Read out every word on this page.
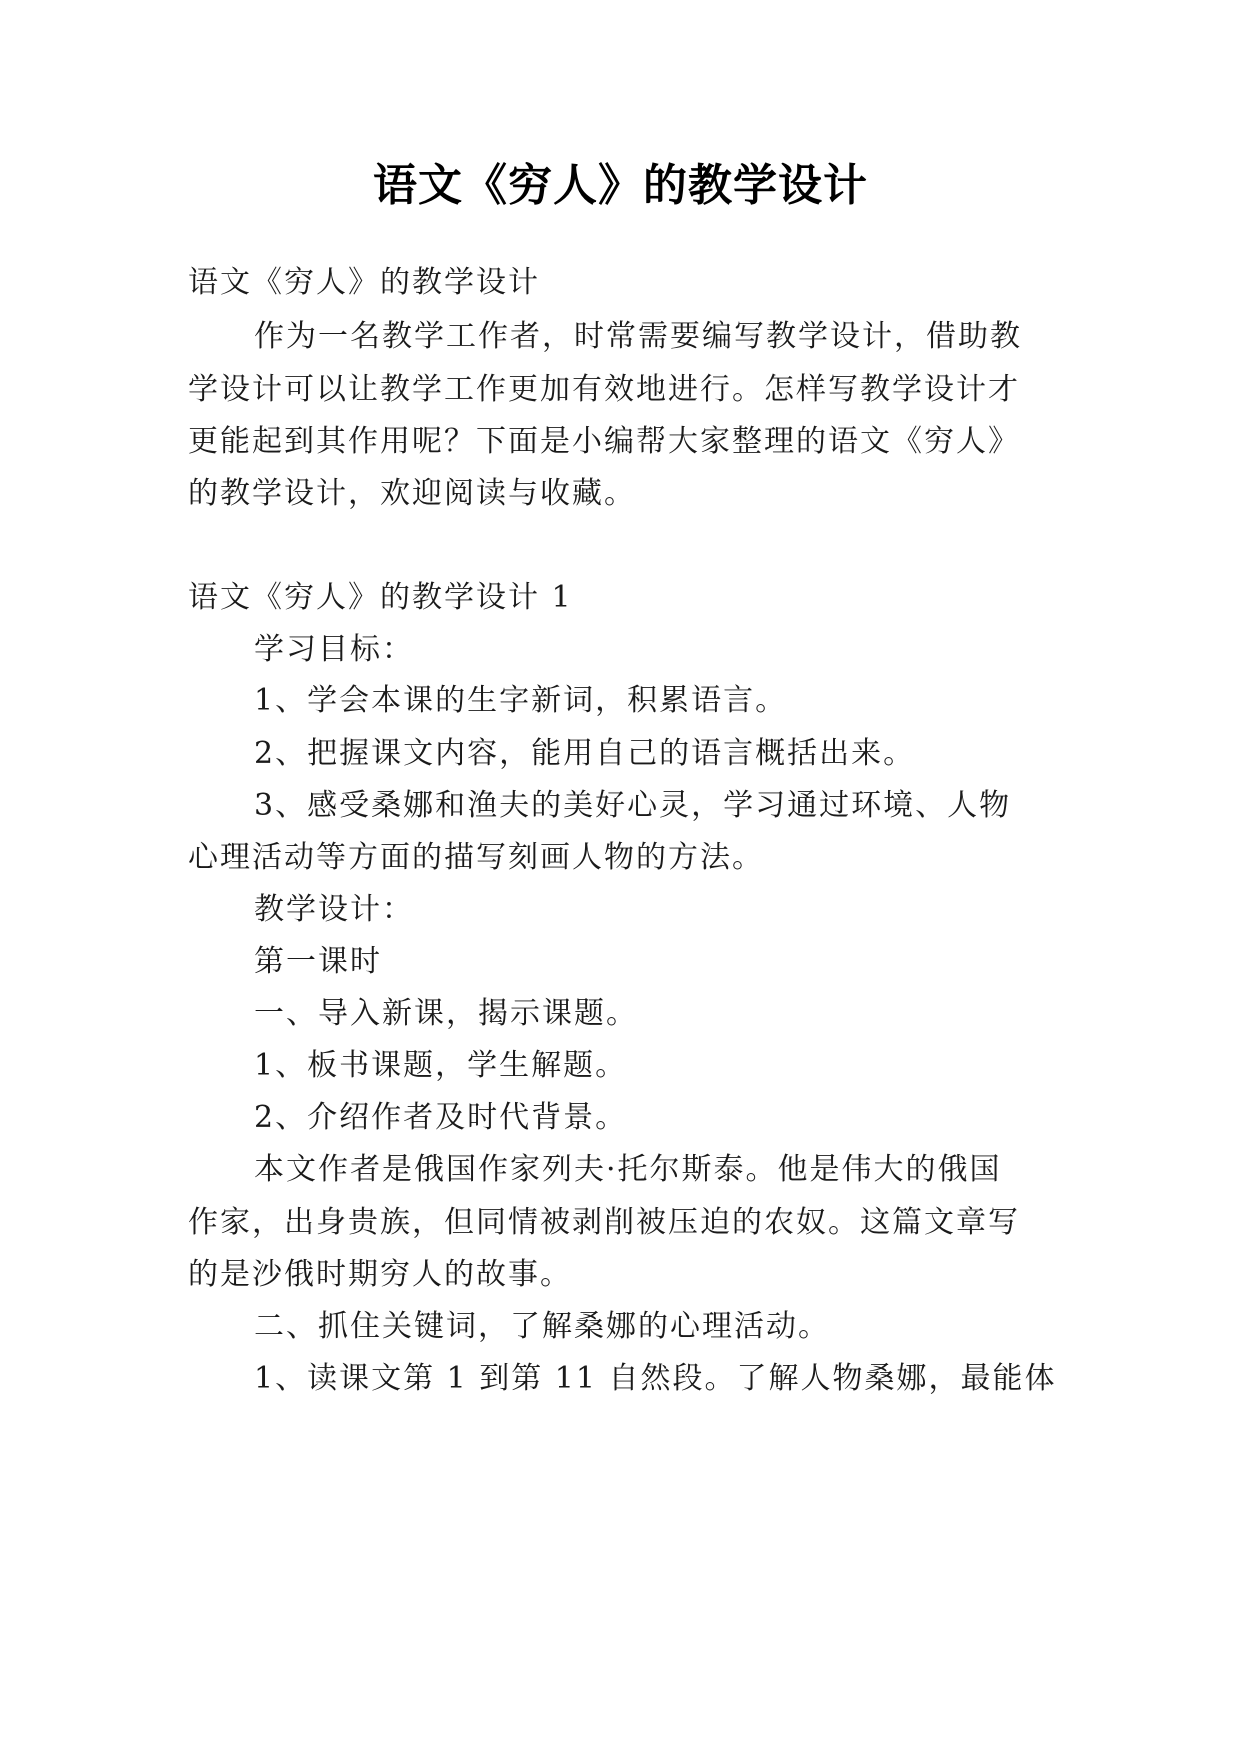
语文《穷人》的教学设计
语文《穷人》的教学设计
作为一名教学工作者，时常需要编写教学设计，借助教
学设计可以让教学工作更加有效地进行。怎样写教学设计才
更能起到其作用呢？下面是小编帮大家整理的语文《穷人》
的教学设计，欢迎阅读与收藏。
语文《穷人》的教学设计 1
学习目标：
1、学会本课的生字新词，积累语言。
2、把握课文内容，能用自己的语言概括出来。
3、感受桑娜和渔夫的美好心灵，学习通过环境、人物
心理活动等方面的描写刻画人物的方法。
教学设计：
第一课时
一、导入新课，揭示课题。
1、板书课题，学生解题。
2、介绍作者及时代背景。
本文作者是俄国作家列夫·托尔斯泰。他是伟大的俄国
作家，出身贵族，但同情被剥削被压迫的农奴。这篇文章写
的是沙俄时期穷人的故事。
二、抓住关键词，了解桑娜的心理活动。
1、读课文第 1 到第 11 自然段。了解人物桑娜，最能体
